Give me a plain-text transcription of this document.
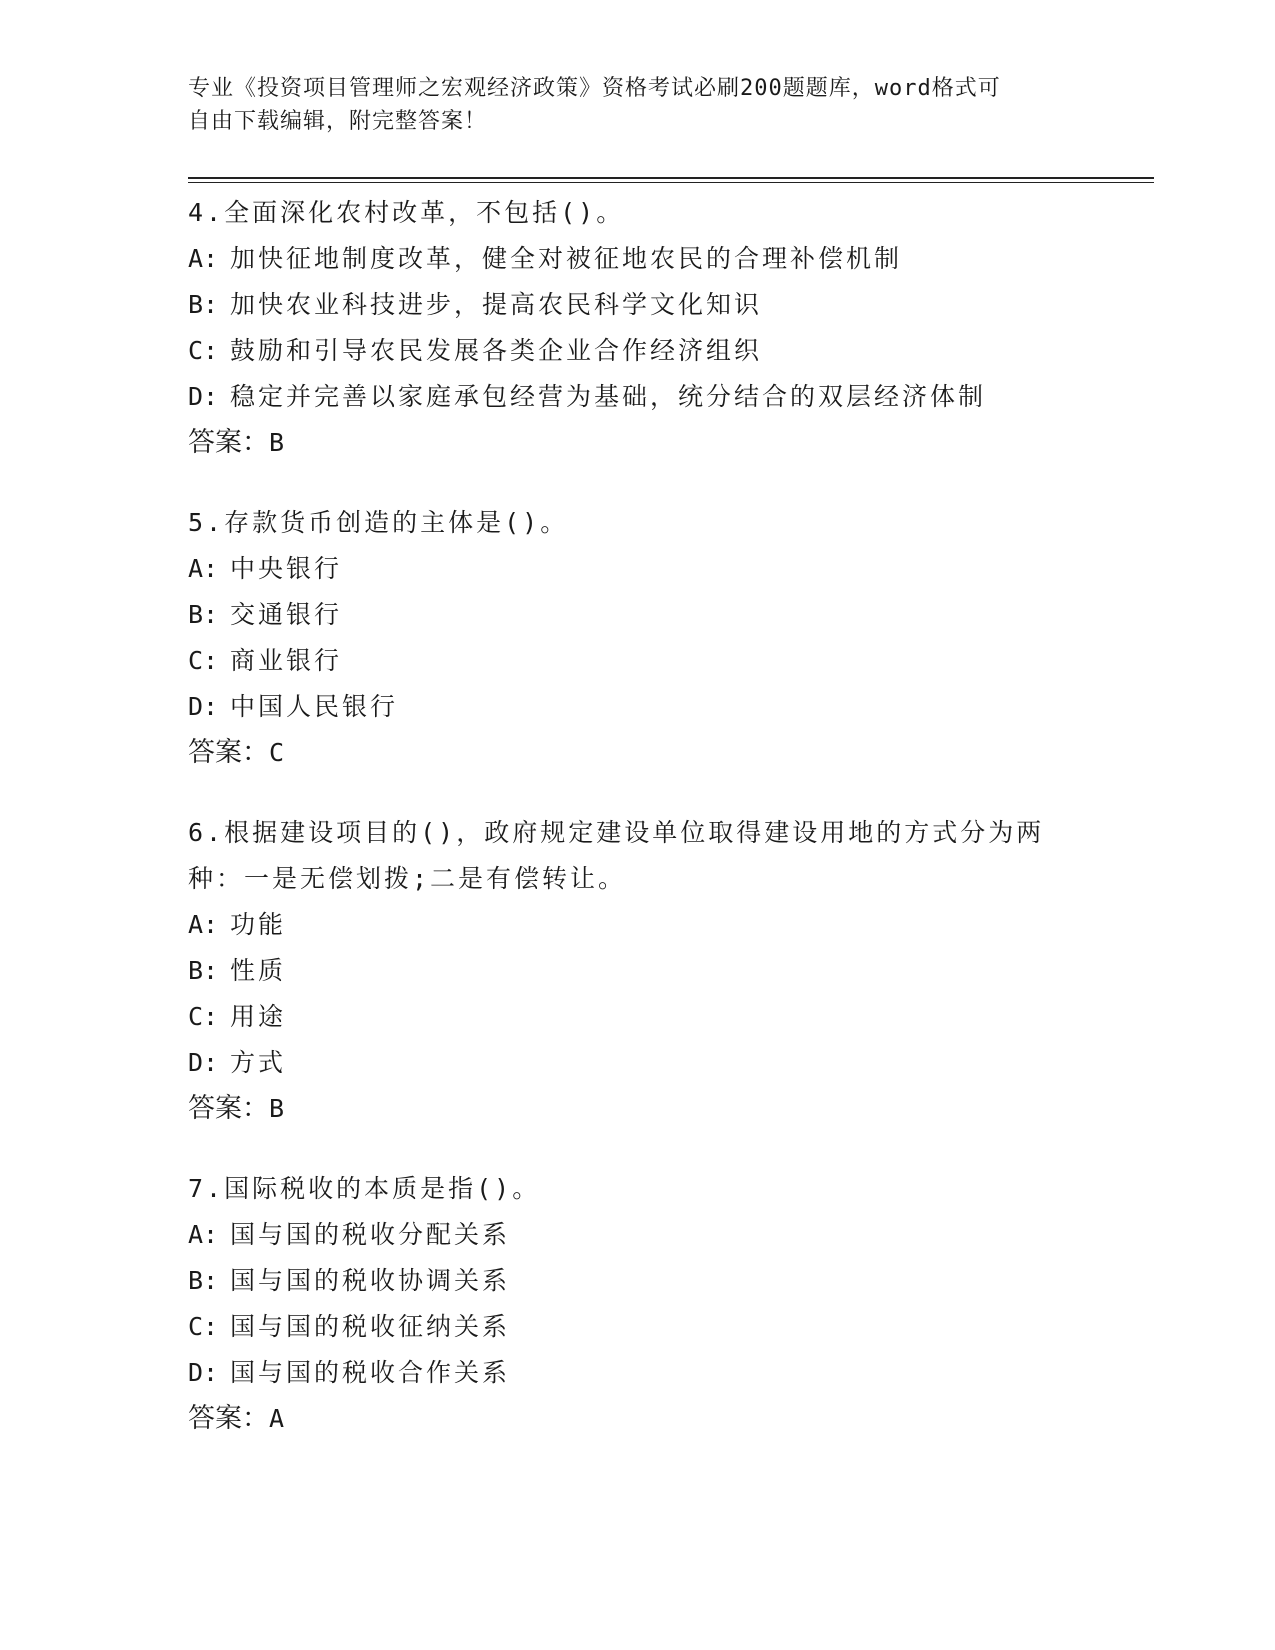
专业《投资项目管理师之宏观经济政策》资格考试必刷200题题库，word格式可
自由下载编辑，附完整答案！
4.全面深化农村改革，不包括()。
A: 加快征地制度改革，健全对被征地农民的合理补偿机制
B: 加快农业科技进步，提高农民科学文化知识
C: 鼓励和引导农民发展各类企业合作经济组织
D: 稳定并完善以家庭承包经营为基础，统分结合的双层经济体制
答案：B
5.存款货币创造的主体是()。
A: 中央银行
B: 交通银行
C: 商业银行
D: 中国人民银行
答案：C
6.根据建设项目的()，政府规定建设单位取得建设用地的方式分为两
种：一是无偿划拨;二是有偿转让。
A: 功能
B: 性质
C: 用途
D: 方式
答案：B
7.国际税收的本质是指()。
A: 国与国的税收分配关系
B: 国与国的税收协调关系
C: 国与国的税收征纳关系
D: 国与国的税收合作关系
答案：A
